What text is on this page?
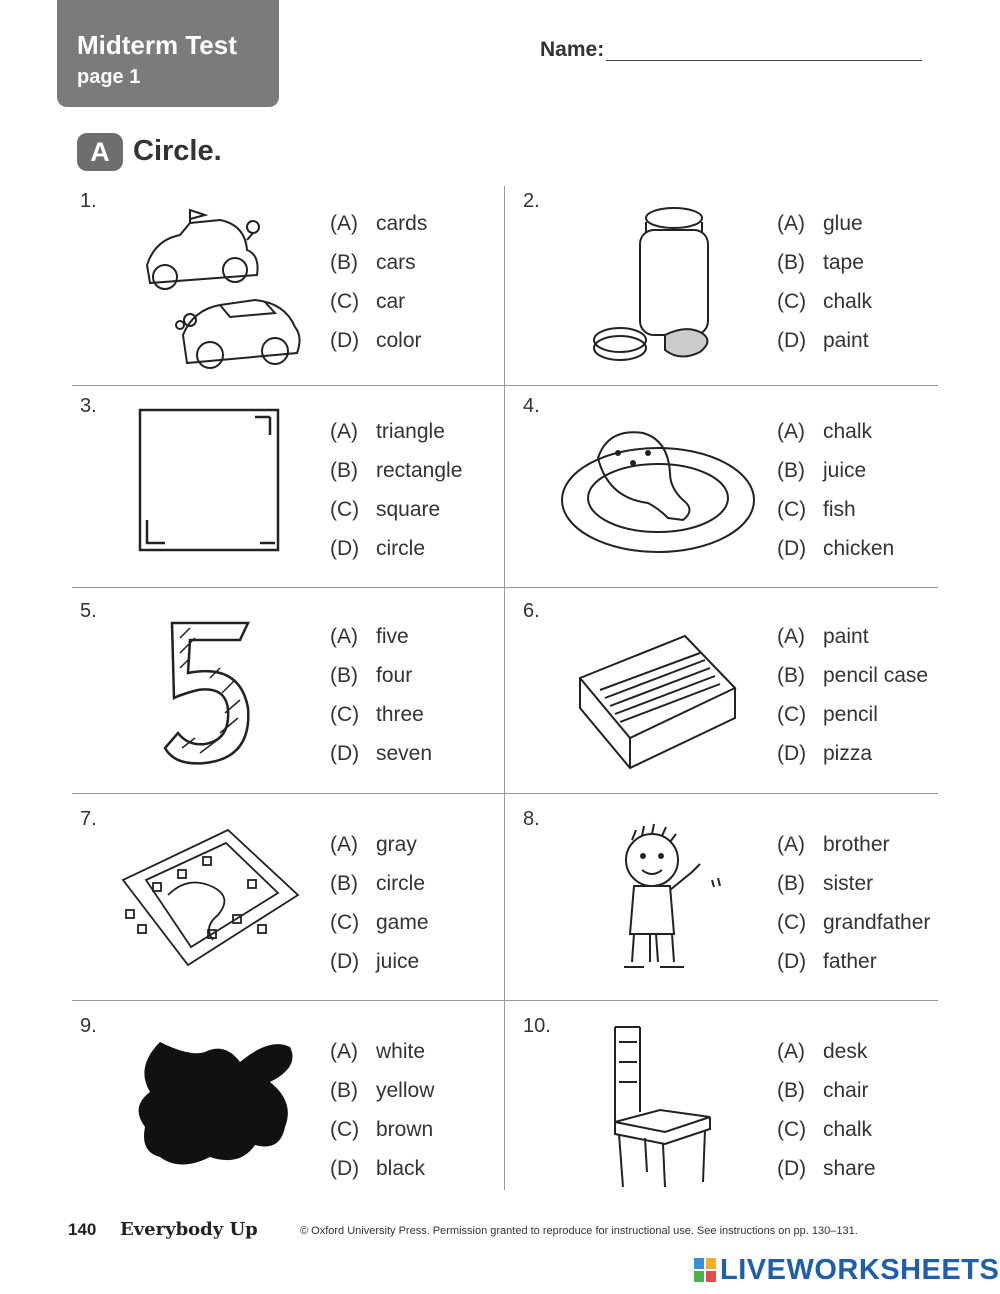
Midterm Test
page 1
Name:
A Circle.
1.
(A) cards
(B) cars
(C) car
(D) color
2.
(A) glue
(B) tape
(C) chalk
(D) paint
3.
(A) triangle
(B) rectangle
(C) square
(D) circle
4.
(A) chalk
(B) juice
(C) fish
(D) chicken
5.
(A) five
(B) four
(C) three
(D) seven
6.
(A) paint
(B) pencil case
(C) pencil
(D) pizza
7.
(A) gray
(B) circle
(C) game
(D) juice
8.
(A) brother
(B) sister
(C) grandfather
(D) father
9.
(A) white
(B) yellow
(C) brown
(D) black
10.
(A) desk
(B) chair
(C) chalk
(D) share
140 Everybody Up	© Oxford University Press. Permission granted to reproduce for instructional use. See instructions on pp. 130–131.
LIVEWORKSHEETS
